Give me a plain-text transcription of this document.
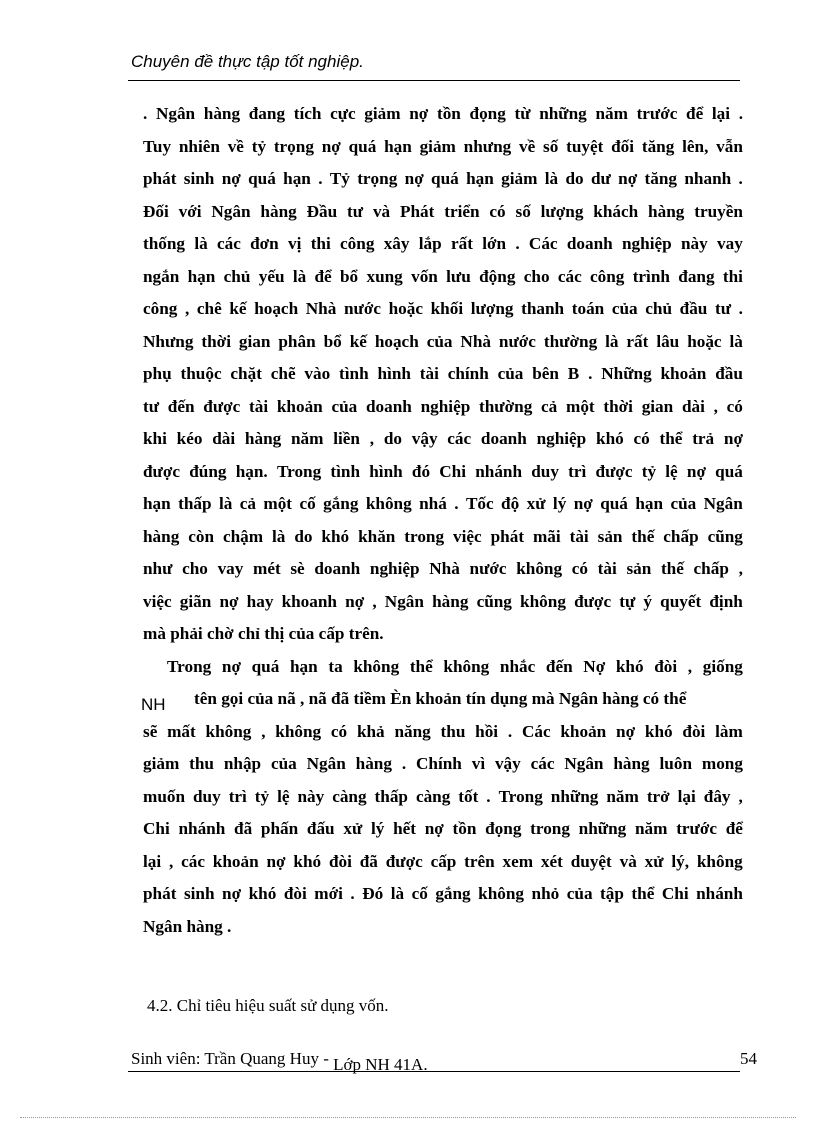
Chuyên đề thực tập tốt nghiệp.
. Ngân hàng đang tích cực giảm nợ tồn đọng từ những năm trước để lại .
Tuy nhiên về tỷ trọng nợ quá hạn giảm nhưng về số tuyệt đối tăng lên, vẫn
phát sinh nợ quá hạn . Tỷ trọng nợ quá hạn giảm là do dư nợ tăng nhanh .
Đối với Ngân hàng Đầu tư và Phát triển có số lượng khách hàng truyền
thống là các đơn vị thi công xây lắp rất lớn . Các doanh nghiệp này vay
ngắn hạn chủ yếu là để bổ xung vốn lưu động cho các công trình đang thi
công , chê kế hoạch Nhà nước hoặc khối lượng thanh toán của chủ đầu tư .
Nhưng thời gian phân bổ kế hoạch của Nhà nước thường là rất lâu hoặc là
phụ thuộc chặt chẽ vào tình hình tài chính của bên B . Những khoản đầu
tư đến được tài khoản của doanh nghiệp thường cả một thời gian dài , có
khi kéo dài hàng năm liền , do vậy các doanh nghiệp khó có thể trả nợ
được đúng hạn. Trong tình hình đó Chi nhánh duy trì được tỷ lệ nợ quá
hạn thấp là cả một cố gắng không nhá . Tốc độ xử lý nợ quá hạn của Ngân
hàng còn chậm là do khó khăn trong việc phát mãi tài sản thế chấp cũng
như cho vay mét sè doanh nghiệp Nhà nước không có tài sản thế chấp ,
việc giãn nợ hay khoanh nợ , Ngân hàng cũng không được tự ý quyết định
mà phải chờ chỉ thị của cấp trên.
Trong nợ quá hạn ta không thể không nhắc đến Nợ khó đòi , giống
NH tên gọi của nã , nã đã tiềm Èn khoản tín dụng mà Ngân hàng có thể
sẽ mất không , không có khả năng thu hồi . Các khoản nợ khó đòi làm
giảm thu nhập của Ngân hàng . Chính vì vậy các Ngân hàng luôn mong
muốn duy trì tỷ lệ này càng thấp càng tốt . Trong những năm trở lại đây ,
Chi nhánh đã phấn đấu xử lý hết nợ tồn đọng trong những năm trước để
lại , các khoản nợ khó đòi đã được cấp trên xem xét duyệt và xử lý, không
phát sinh nợ khó đòi mới . Đó là cố gắng không nhỏ của tập thể Chi nhánh
Ngân hàng .
4.2. Chỉ tiêu hiệu suất sử dụng vốn.
Sinh viên: Trần Quang Huy - Lớp NH 41A.	54
